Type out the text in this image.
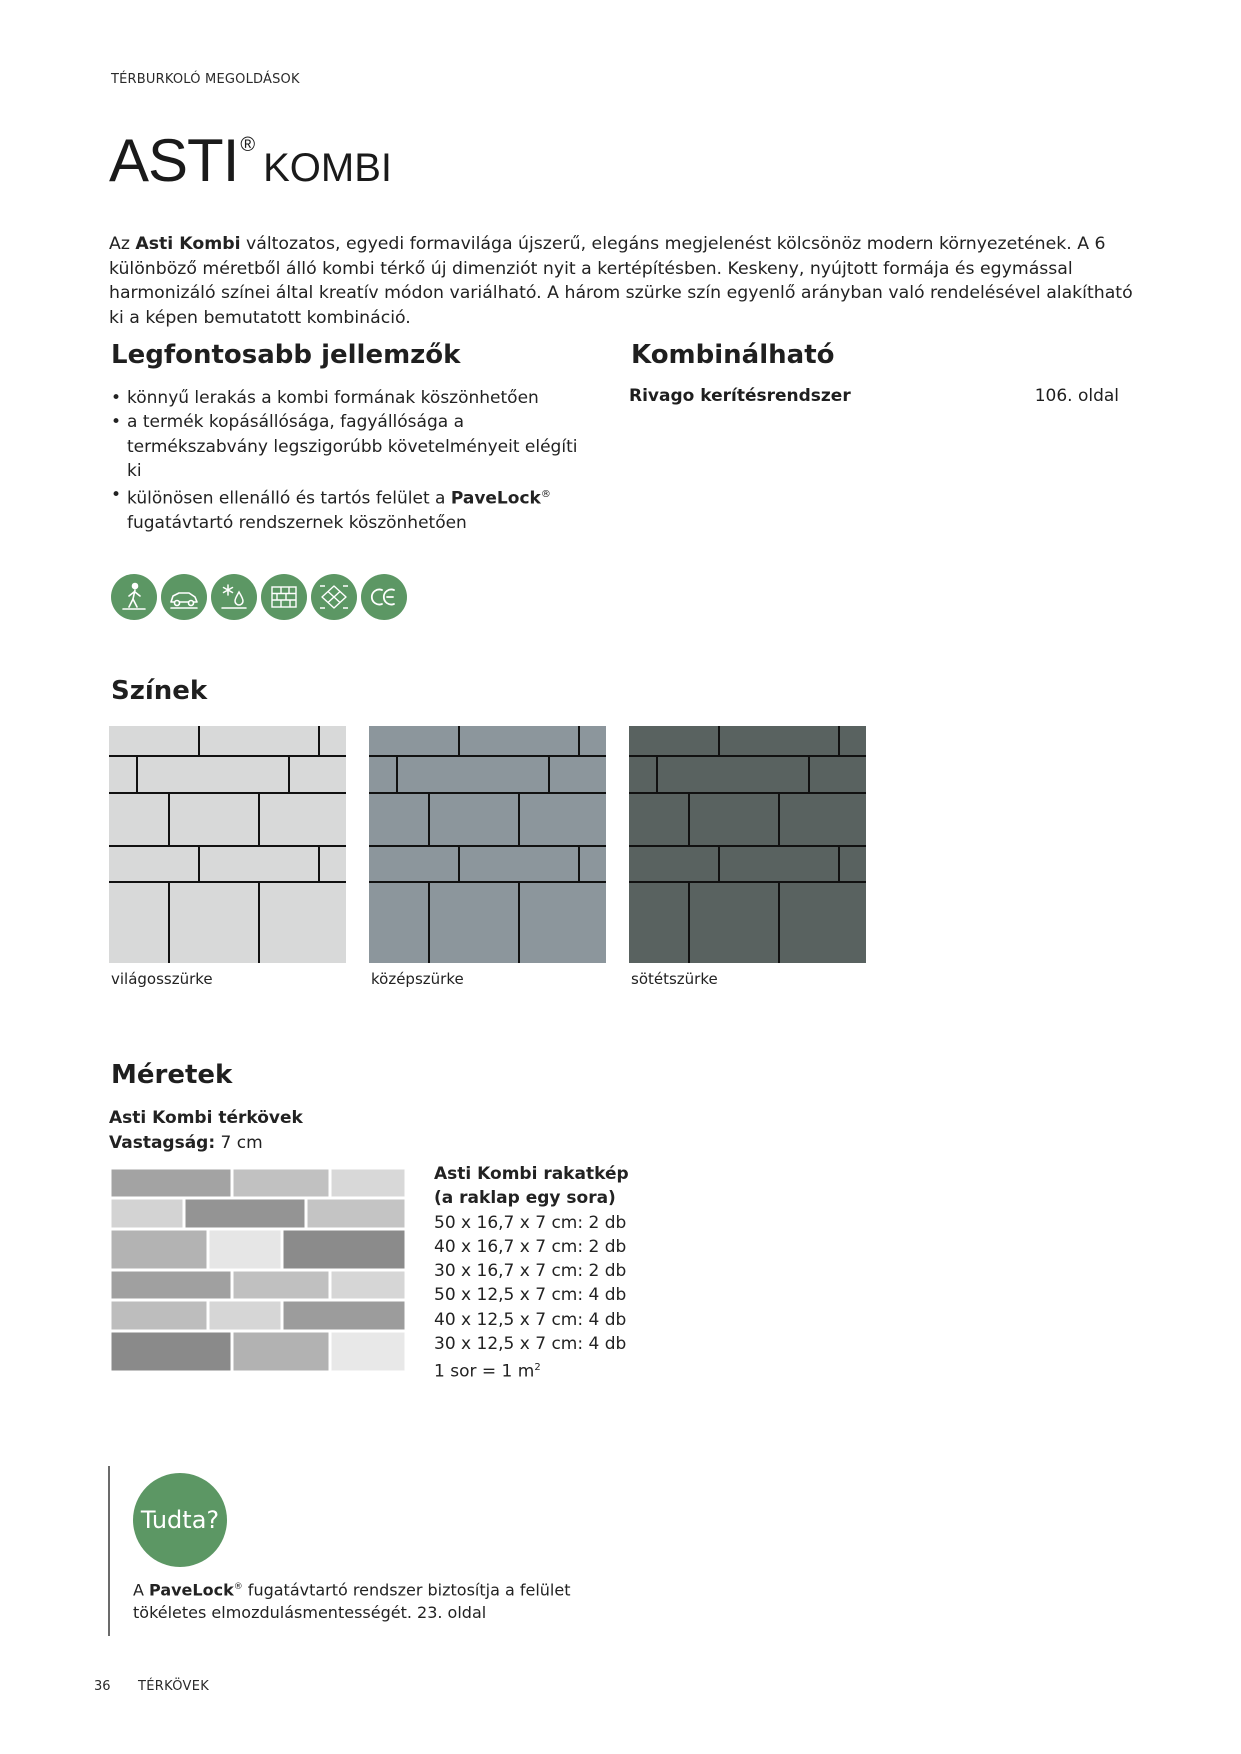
TÉRBURKOLÓ MEGOLDÁSOK
ASTI ®KOMBI

Az Asti Kombi változatos, egyedi formavilága újszerű, elegáns megjelenést kölcsönöz modern környezetének. A 6 különböző méretből álló kombi térkő új dimenziót nyit a kertépítésben. Keskeny, nyújtott formája és egymással harmonizáló színei által kreatív módon variálható. A három szürke szín egyenlő arányban való rendelésével alakítható ki a képen bemutatott kombináció.

Legfontosabb jellemzők
• könnyű lerakás a kombi formának köszönhetően
• a termék kopásállósága, fagyállósága a termékszabvány legszigorúbb követelményeit elégíti ki
• különösen ellenálló és tartós felület a PaveLock® fugatávtartó rendszernek köszönhetően
Kombinálható
Rivago kerítésrendszer	106. oldal
Színek
világosszürke	középszürke	sötétszürke
Méretek
Asti Kombi térkövek
Vastagság: 7 cm
Asti Kombi rakatkép
(a raklap egy sora)
50 x 16,7 x 7 cm: 2 db
40 x 16,7 x 7 cm: 2 db
30 x 16,7 x 7 cm: 2 db
50 x 12,5 x 7 cm: 4 db
40 x 12,5 x 7 cm: 4 db
30 x 12,5 x 7 cm: 4 db
1 sor = 1 $m^2$
Tudta?

A PaveLock® fugatávtartó rendszer biztosítja a felület tökéletes elmozdulásmentességét. 23. oldal

36 TÉRKÖVEK
